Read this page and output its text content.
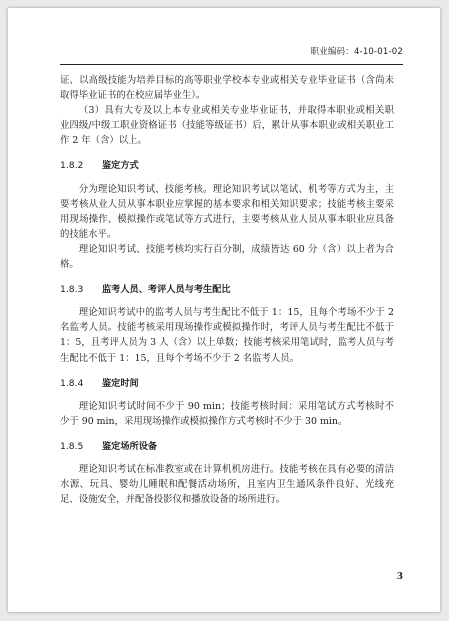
职业编码：4-10-01-02

证、以高级技能为培养目标的高等职业学校本专业或相关专业毕业证书（含尚未取得毕业证书的在校应届毕业生）。

（3）具有大专及以上本专业或相关专业毕业证书，并取得本职业或相关职业四级/中级工职业资格证书（技能等级证书）后，累计从事本职业或相关职业工作 2 年（含）以上。

1.8.2 鉴定方式

分为理论知识考试、技能考核。理论知识考试以笔试、机考等方式为主，主要考核从业人员从事本职业应掌握的基本要求和相关知识要求；技能考核主要采用现场操作、模拟操作或笔试等方式进行，主要考核从业人员从事本职业应具备的技能水平。

理论知识考试、技能考核均实行百分制，成绩皆达 60 分（含）以上者为合格。

1.8.3 监考人员、考评人员与考生配比

理论知识考试中的监考人员与考生配比不低于 1：15，且每个考场不少于 2 名监考人员。技能考核采用现场操作或模拟操作时，考评人员与考生配比不低于 1：5，且考评人员为 3 人（含）以上单数；技能考核采用笔试时，监考人员与考生配比不低于 1：15，且每个考场不少于 2 名监考人员。

1.8.4 鉴定时间

理论知识考试时间不少于 90 min；技能考核时间：采用笔试方式考核时不少于 90 min，采用现场操作或模拟操作方式考核时不少于 30 min。

1.8.5 鉴定场所设备

理论知识考试在标准教室或在计算机机房进行。技能考核在具有必要的清洁水源、玩具、婴幼儿睡眠和配餐活动场所，且室内卫生通风条件良好、光线充足、设施安全，并配备投影仪和播放设备的场所进行。

3
